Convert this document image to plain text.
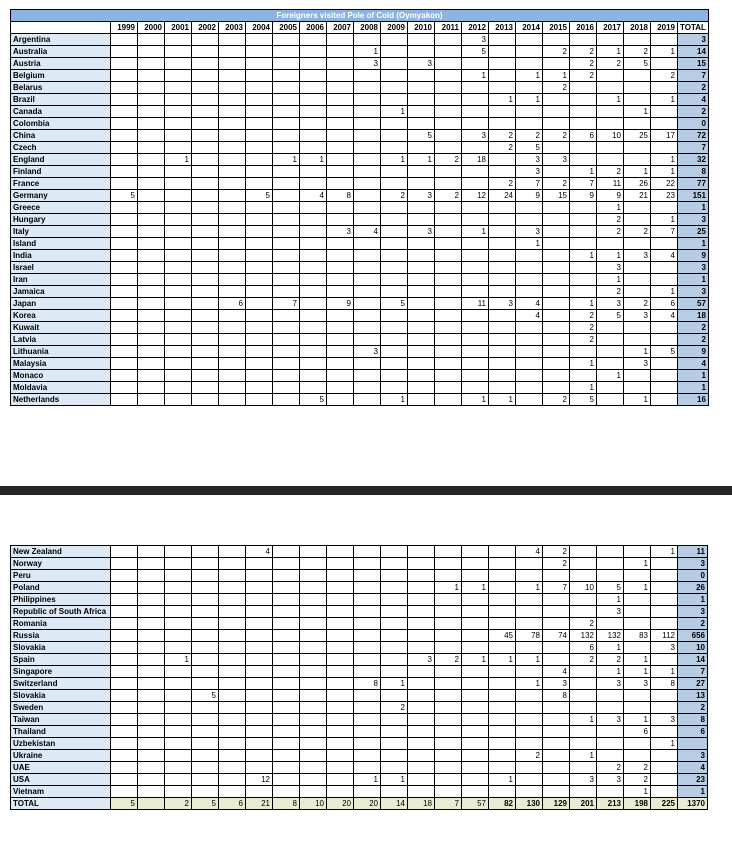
Foreigners visited Pole of Cold (Oymyakon)																						
	1999	2000	2001	2002	2003	2004	2005	2006	2007	2008	2009	2010	2011	2012	2013	2014	2015	2016	2017	2018	2019	TOTAL
Argentina														3								3
Australia										1				5			2	2	1	2	1	14
Austria										3		3						2	2	5		15
Belgium														1		1	1	2			2	7
Belarus																	2					2
Brazil															1	1			1		1	4
Canada											1									1		2
Colombia																						0
China												5		3	2	2	2	6	10	25	17	72
Czech															2	5						7
England			1				1	1			1	1	2	18		3	3				1	32
Finland																3		1	2	1	1	8
France															2	7	2	7	11	26	22	77
Germany	5					5		4	8		2	3	2	12	24	9	15	9	9	21	23	151
Greece																			1			1
Hungary																			2		1	3
Italy									3	4		3		1		3			2	2	7	25
Island																1						1
India																		1	1	3	4	9
Israel																			3			3
Iran																			1			1
Jamaica																			2		1	3
Japan					6		7		9		5			11	3	4		1	3	2	6	57
Korea																4		2	5	3	4	18
Kuwait																		2				2
Latvia																		2				2
Lithuania										3										1	5	9
Malaysia																		1		3		4
Monaco																			1			1
Moldavia																		1				1
Netherlands								5			1			1	1		2	5		1		16
New Zealand						4										4	2				1	11
Norway																	2			1		3
Peru																						0
Poland													1	1		1	7	10	5	1		26
Philippines																			1			1
Republic of South Africa																			3			3
Romania																		2				2
Russia															45	78	74	132	132	83	112	656
Slovakia																		6	1		3	10
Spain			1									3	2	1	1	1		2	2	1		14
Singapore																	4		1	1	1	7
Switzerland										8	1					1	3		3	3	8	27
Slovakia				5													8					13
Sweden											2											2
Taiwan																		1	3	1	3	8
Thailand																				6		6
Uzbekistan																					1	
Ukraine																2		1				3
UAE																			2	2		4
USA						12				1	1				1			3	3	2		23
Vietnam																				1		1
TOTAL	5		2	5	6	21	8	10	20	20	14	18	7	57	82	130	129	201	213	198	225	1370
